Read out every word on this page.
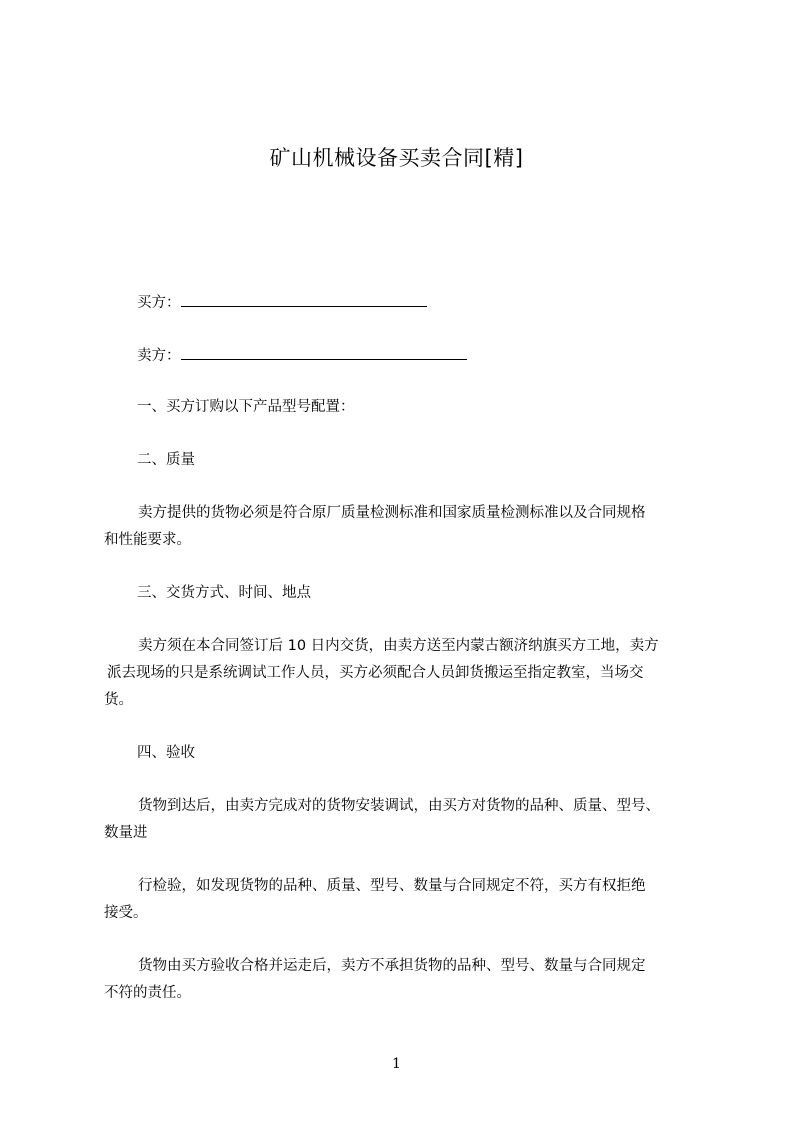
矿山机械设备买卖合同[精]
买方：
卖方：
一、买方订购以下产品型号配置：
二、质量
卖方提供的货物必须是符合原厂质量检测标准和国家质量检测标准以及合同规格
和性能要求。
三、交货方式、时间、地点
卖方须在本合同签订后 10 日内交货，由卖方送至内蒙古额济纳旗买方工地，卖方
派去现场的只是系统调试工作人员，买方必须配合人员卸货搬运至指定教室，当场交
货。
四、验收
货物到达后，由卖方完成对的货物安装调试，由买方对货物的品种、质量、型号、
数量进
行检验，如发现货物的品种、质量、型号、数量与合同规定不符，买方有权拒绝
接受。
货物由买方验收合格并运走后，卖方不承担货物的品种、型号、数量与合同规定
不符的责任。
1
